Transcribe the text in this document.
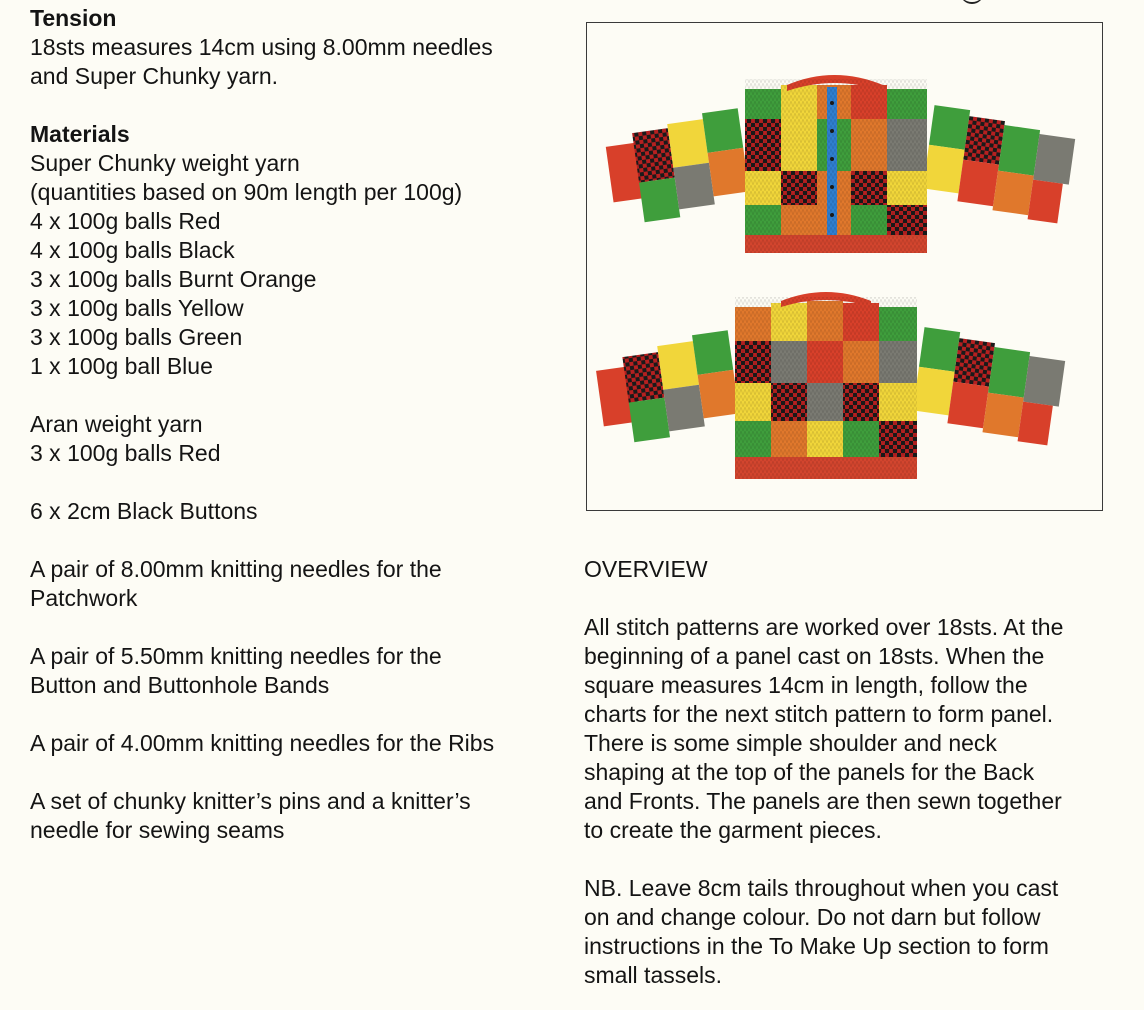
Tension
18sts measures 14cm using 8.00mm needles
and Super Chunky yarn.
Materials
Super Chunky weight yarn
(quantities based on 90m length per 100g)
4 x 100g balls Red
4 x 100g balls Black
3 x 100g balls Burnt Orange
3 x 100g balls Yellow
3 x 100g balls Green
1 x 100g ball Blue
Aran weight yarn
3 x 100g balls Red
6 x 2cm Black Buttons
A pair of 8.00mm knitting needles for the
Patchwork
A pair of 5.50mm knitting needles for the
Button and Buttonhole Bands
A pair of 4.00mm knitting needles for the Ribs
A set of chunky knitter’s pins and a knitter’s
needle for sewing seams
OVERVIEW
All stitch patterns are worked over 18sts. At the
beginning of a panel cast on 18sts. When the
square measures 14cm in length, follow the
charts for the next stitch pattern to form panel.
There is some simple shoulder and neck
shaping at the top of the panels for the Back
and Fronts. The panels are then sewn together
to create the garment pieces.
NB. Leave 8cm tails throughout when you cast
on and change colour. Do not darn but follow
instructions in the To Make Up section to form
small tassels.
